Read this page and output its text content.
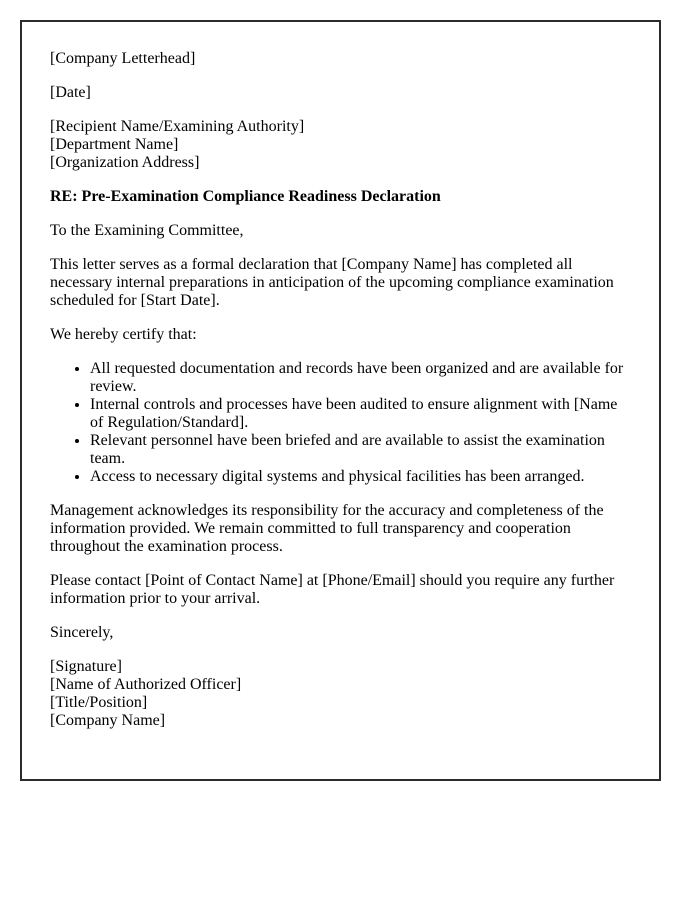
[Company Letterhead]

[Date]

[Recipient Name/Examining Authority]
[Department Name]
[Organization Address]

RE: Pre-Examination Compliance Readiness Declaration

To the Examining Committee,

This letter serves as a formal declaration that [Company Name] has completed all necessary internal preparations in anticipation of the upcoming compliance examination scheduled for [Start Date].

We hereby certify that:

• All requested documentation and records have been organized and are available for review.
• Internal controls and processes have been audited to ensure alignment with [Name of Regulation/Standard].
• Relevant personnel have been briefed and are available to assist the examination team.
• Access to necessary digital systems and physical facilities has been arranged.

Management acknowledges its responsibility for the accuracy and completeness of the information provided. We remain committed to full transparency and cooperation throughout the examination process.

Please contact [Point of Contact Name] at [Phone/Email] should you require any further information prior to your arrival.

Sincerely,

[Signature]
[Name of Authorized Officer]
[Title/Position]
[Company Name]
